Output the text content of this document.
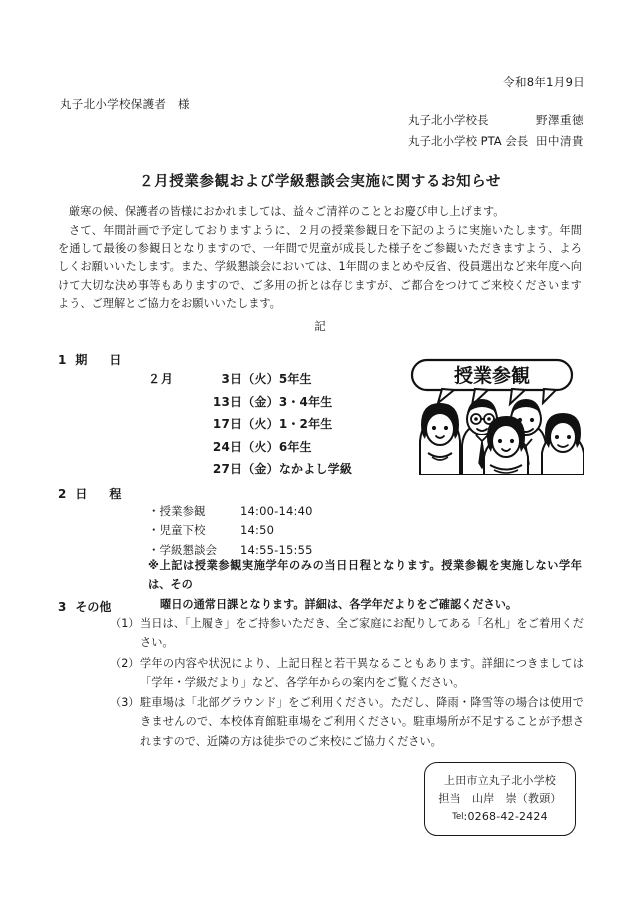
令和8年1月9日
丸子北小学校保護者　様
丸子北小学校長	野澤重徳
丸子北小学校 PTA 会長 田中清貴
２月授業参観および学級懇談会実施に関するお知らせ

厳寒の候、保護者の皆様におかれましては、益々ご清祥のこととお慶び申し上げます。

さて、年間計画で予定しておりますように、２月の授業参観日を下記のように実施いたします。年間を通して最後の参観日となりますので、一年間で児童が成長した様子をご参観いただきますよう、よろしくお願いいたします。また、学級懇談会においては、1年間のまとめや反省、役員選出など来年度へ向けて大切な決め事等もありますので、ご多用の折とは存じますが、ご都合をつけてご来校くださいますよう、ご理解とご協力をお願いいたします。

記
1 期　日
２月	3日（火）5年生
13日（金）3・4年生
17日（火）1・2年生
24日（火）6年生
27日（金）なかよし学級
授業参観
2 日　程
・授業参観	14:00-14:40
・児童下校	14:50
・学級懇談会 14:55-15:55
※上記は授業参観実施学年のみの当日日程となります。授業参観を実施しない学年は、その
曜日の通常日課となります。詳細は、各学年だよりをご確認ください。
3 その他
（1） 当日は、「上履き」をご持参いただき、全ご家庭にお配りしてある「名札」をご着用ください。
（2） 学年の内容や状況により、上記日程と若干異なることもあります。詳細につきましては「学年・学級だより」など、各学年からの案内をご覧ください。
（3） 駐車場は「北部グラウンド」をご利用ください。ただし、降雨・降雪等の場合は使用できませんので、本校体育館駐車場をご利用ください。駐車場所が不足することが予想されますので、近隣の方は徒歩でのご来校にご協力ください。
上田市立丸子北小学校
担当　山岸　崇（教頭）
Tel:0268-42-2424
